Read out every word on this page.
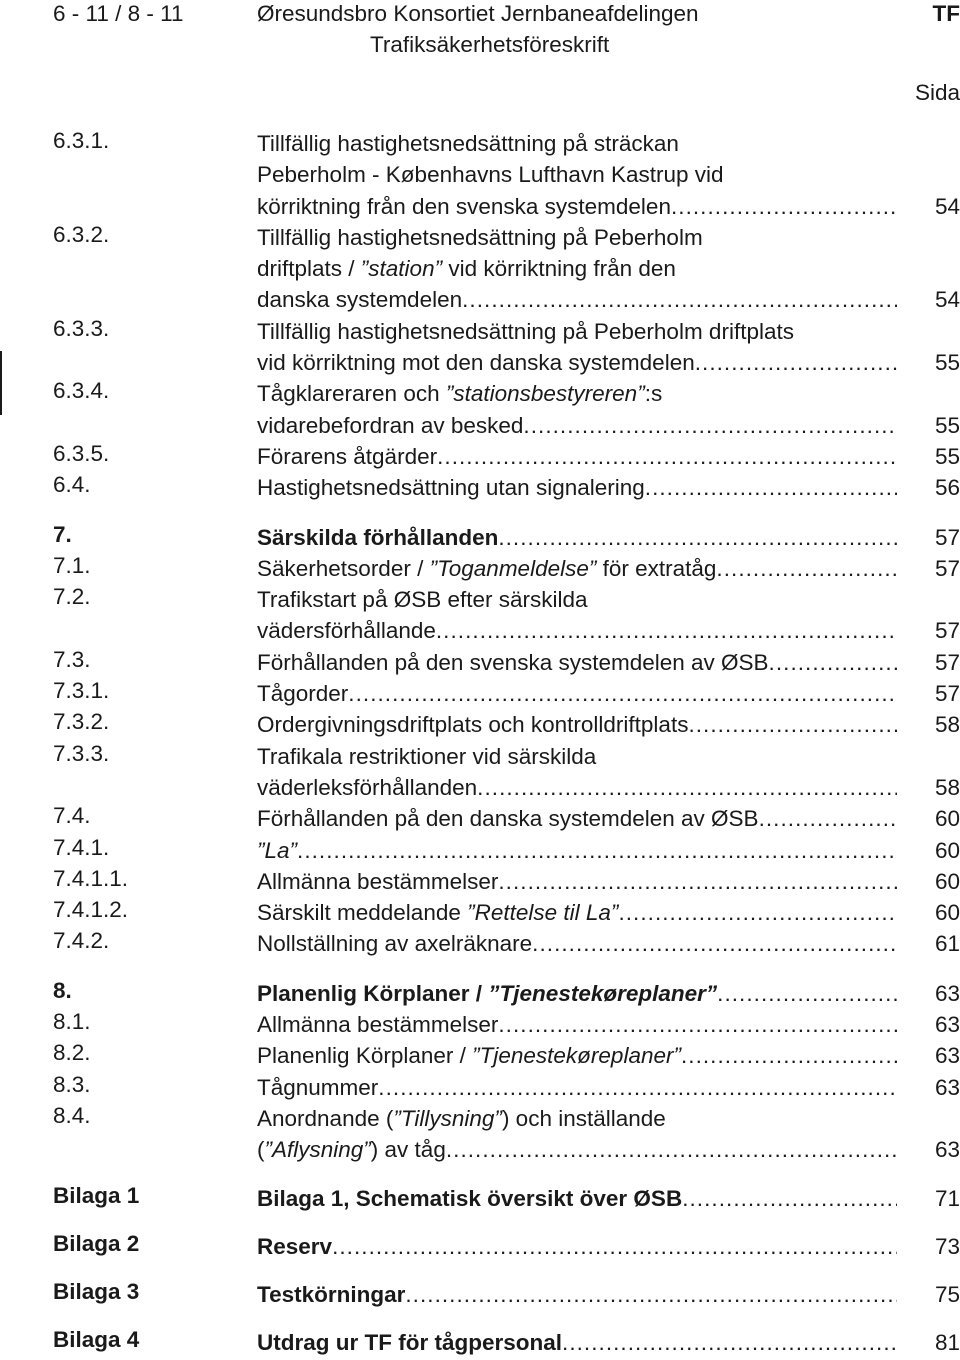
6 - 11 / 8 - 11	Øresundsbro Konsortiet Jernbaneafdelingen
Trafiksäkerhetsföreskrift
TF
Sida
6.3.1.	Tillfällig hastighetsnedsättning på sträckan
Peberholm - Københavns Lufthavn Kastrup vid
körriktning från den svenska systemdelen . . .	54
6.3.2.	Tillfällig hastighetsnedsättning på Peberholm
driftplats / ”station” vid körriktning från den
danska systemdelen . . .	54
6.3.3.	Tillfällig hastighetsnedsättning på Peberholm driftplats
vid körriktning mot den danska systemdelen . . .	55
6.3.4.	Tågklareraren och ”stationsbestyreren”:s
vidarebefordran av besked . . .	55
6.3.5.	Förarens åtgärder . . .	55
6.4.	Hastighetsnedsättning utan signalering . . .	56
7.	Särskilda förhållanden . . .	57
7.1.	Säkerhetsorder / ”Toganmeldelse” för extratåg . . .	57
7.2.	Trafikstart på ØSB efter särskilda
vädersförhållande . . .	57
7.3.	Förhållanden på den svenska systemdelen av ØSB . . .	57
7.3.1.	Tågorder . . .	57
7.3.2.	Ordergivningsdriftplats och kontrolldriftplats . . .	58
7.3.3.	Trafikala restriktioner vid särskilda
väderleksförhållanden . . .	58
7.4.	Förhållanden på den danska systemdelen av ØSB . . .	60
7.4.1.	”La” . . .	60
7.4.1.1.	Allmänna bestämmelser . . .	60
7.4.1.2.	Särskilt meddelande ”Rettelse til La” . . .	60
7.4.2.	Nollställning av axelräknare . . .	61
8.	Planenlig Körplaner / ”Tjenestekøreplaner” . . .	63
8.1.	Allmänna bestämmelser . . .	63
8.2.	Planenlig Körplaner / ”Tjenestekøreplaner” . . .	63
8.3.	Tågnummer . . .	63
8.4.	Anordnande (”Tillysning”) och inställande
(”Aflysning”) av tåg . . .	63
Bilaga 1	Bilaga 1, Schematisk översikt över ØSB . . .	71
Bilaga 2	Reserv . . .	73
Bilaga 3	Testkörningar . . .	75
Bilaga 4	Utdrag ur TF för tågpersonal . . .	81
